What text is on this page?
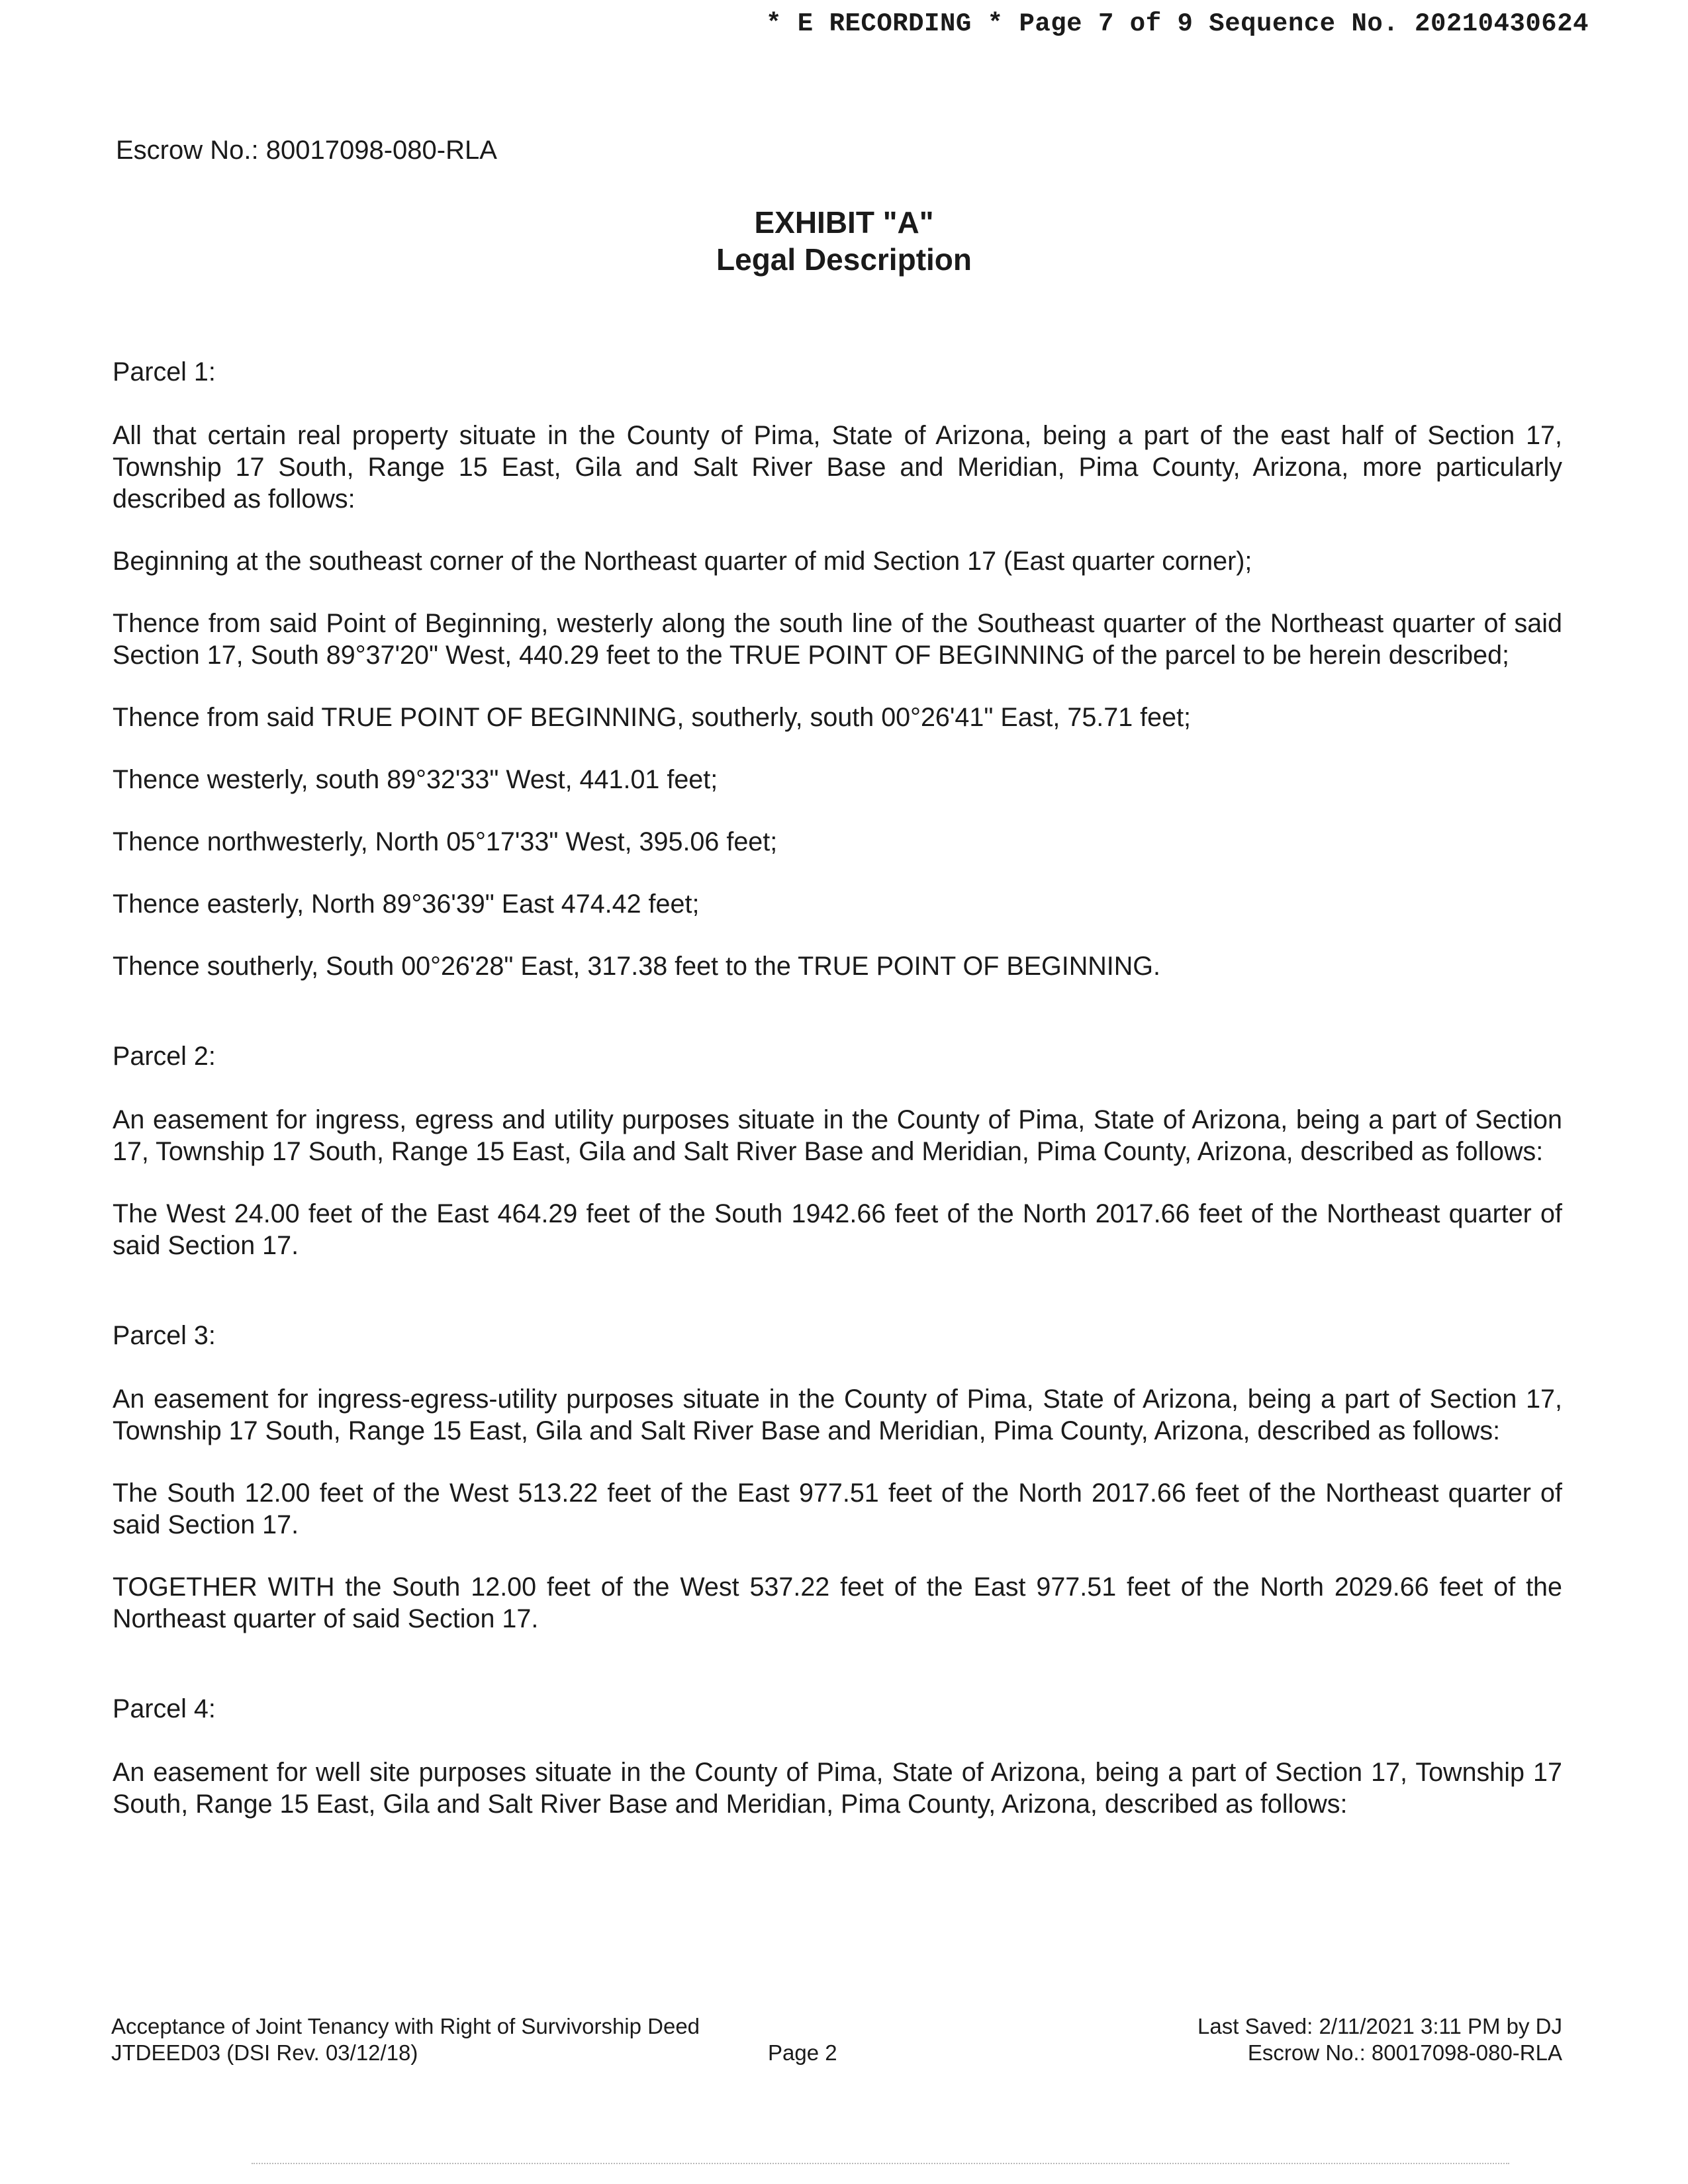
* E RECORDING * Page 7 of 9 Sequence No. 20210430624
Escrow No.: 80017098-080-RLA
EXHIBIT "A"
Legal Description

Parcel 1:

All that certain real property situate in the County of Pima, State of Arizona, being a part of the east half of Section 17, Township 17 South, Range 15 East, Gila and Salt River Base and Meridian, Pima County, Arizona, more particularly described as follows:

Beginning at the southeast corner of the Northeast quarter of mid Section 17 (East quarter corner);

Thence from said Point of Beginning, westerly along the south line of the Southeast quarter of the Northeast quarter of said Section 17, South 89°37'20" West, 440.29 feet to the TRUE POINT OF BEGINNING of the parcel to be herein described;

Thence from said TRUE POINT OF BEGINNING, southerly, south 00°26'41" East, 75.71 feet;

Thence westerly, south 89°32'33" West, 441.01 feet;

Thence northwesterly, North 05°17'33" West, 395.06 feet;

Thence easterly, North 89°36'39" East 474.42 feet;

Thence southerly, South 00°26'28" East, 317.38 feet to the TRUE POINT OF BEGINNING.

Parcel 2:

An easement for ingress, egress and utility purposes situate in the County of Pima, State of Arizona, being a part of Section 17, Township 17 South, Range 15 East, Gila and Salt River Base and Meridian, Pima County, Arizona, described as follows:

The West 24.00 feet of the East 464.29 feet of the South 1942.66 feet of the North 2017.66 feet of the Northeast quarter of said Section 17.

Parcel 3:

An easement for ingress-egress-utility purposes situate in the County of Pima, State of Arizona, being a part of Section 17, Township 17 South, Range 15 East, Gila and Salt River Base and Meridian, Pima County, Arizona, described as follows:

The South 12.00 feet of the West 513.22 feet of the East 977.51 feet of the North 2017.66 feet of the Northeast quarter of said Section 17.

TOGETHER WITH the South 12.00 feet of the West 537.22 feet of the East 977.51 feet of the North 2029.66 feet of the Northeast quarter of said Section 17.

Parcel 4:

An easement for well site purposes situate in the County of Pima, State of Arizona, being a part of Section 17, Township 17 South, Range 15 East, Gila and Salt River Base and Meridian, Pima County, Arizona, described as follows:

Acceptance of Joint Tenancy with Right of Survivorship Deed
JTDEED03 (DSI Rev. 03/12/18)	Page 2
Last Saved: 2/11/2021 3:11 PM by DJ
Escrow No.: 80017098-080-RLA
